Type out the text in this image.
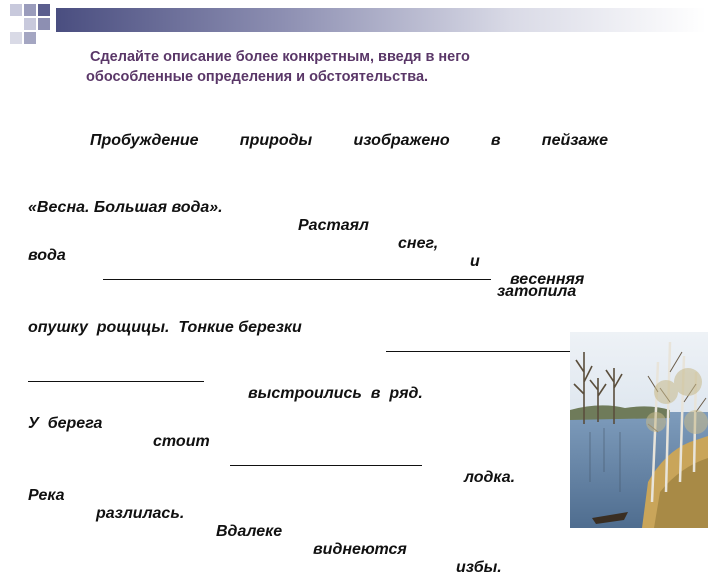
Сделайте описание более конкретным, введя в него
обособленные определения и обстоятельства.
Пробуждение	природы	изображено	в	пейзаже

«Весна. Большая вода».

Растаял

снег,

и

весенняя

вода

затопила

опушку  рощицы.  Тонкие березки

выстроились  в  ряд.

У  берега

стоит

лодка.

Река

разлилась.

Вдалеке

виднеются

избы.
